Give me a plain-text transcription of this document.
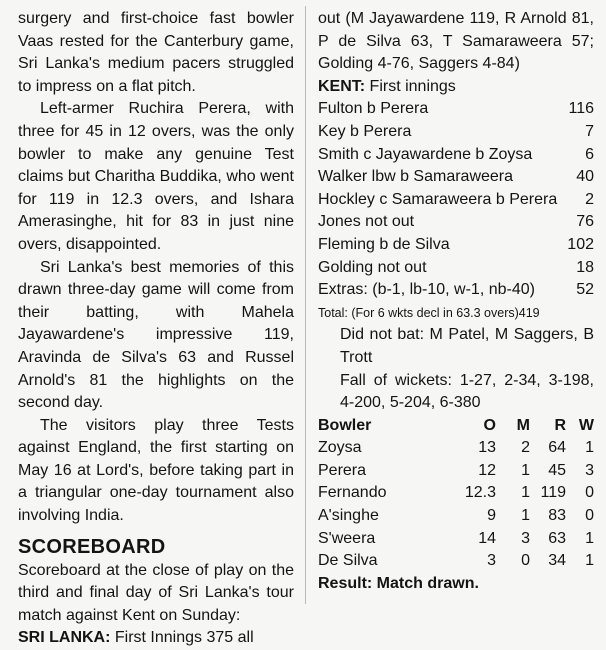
surgery and first-choice fast bowler Vaas rested for the Canterbury game, Sri Lanka's medium pacers struggled to impress on a flat pitch.

Left-armer Ruchira Perera, with three for 45 in 12 overs, was the only bowler to make any genuine Test claims but Charitha Buddika, who went for 119 in 12.3 overs, and Ishara Amerasinghe, hit for 83 in just nine overs, disappointed.

Sri Lanka's best memories of this drawn three-day game will come from their batting, with Mahela Jayawardene's impressive 119, Aravinda de Silva's 63 and Russel Arnold's 81 the highlights on the second day.

The visitors play three Tests against England, the first starting on May 16 at Lord's, before taking part in a triangular one-day tournament also involving India.

SCOREBOARD

Scoreboard at the close of play on the third and final day of Sri Lanka's tour match against Kent on Sunday:

SRI LANKA: First Innings 375 all

out (M Jayawardene 119, R Arnold 81, P de Silva 63, T Samaraweera 57; Golding 4-76, Saggers 4-84)

KENT: First innings
Fulton b Perera	116
Key b Perera	7
Smith c Jayawardene b Zoysa	6
Walker lbw b Samaraweera	40
Hockley c Samaraweera b Perera 2
Jones not out	76
Fleming b de Silva	102
Golding not out	18
Extras: (b-1, lb-10, w-1, nb-40)	52
Total: (For 6 wkts decl in 63.3 overs)419

Did not bat: M Patel, M Saggers, B Trott

Fall of wickets: 1-27, 2-34, 3-198, 4-200, 5-204, 6-380

Bowler	O	M	R	W
Zoysa	13	2	64	1
Perera	12	1	45	3
Fernando	12.3	1	119	0
A'singhe	9	1	83	0
S'weera	14	3	63	1
De Silva	3	0	34	1
Result: Match drawn.
